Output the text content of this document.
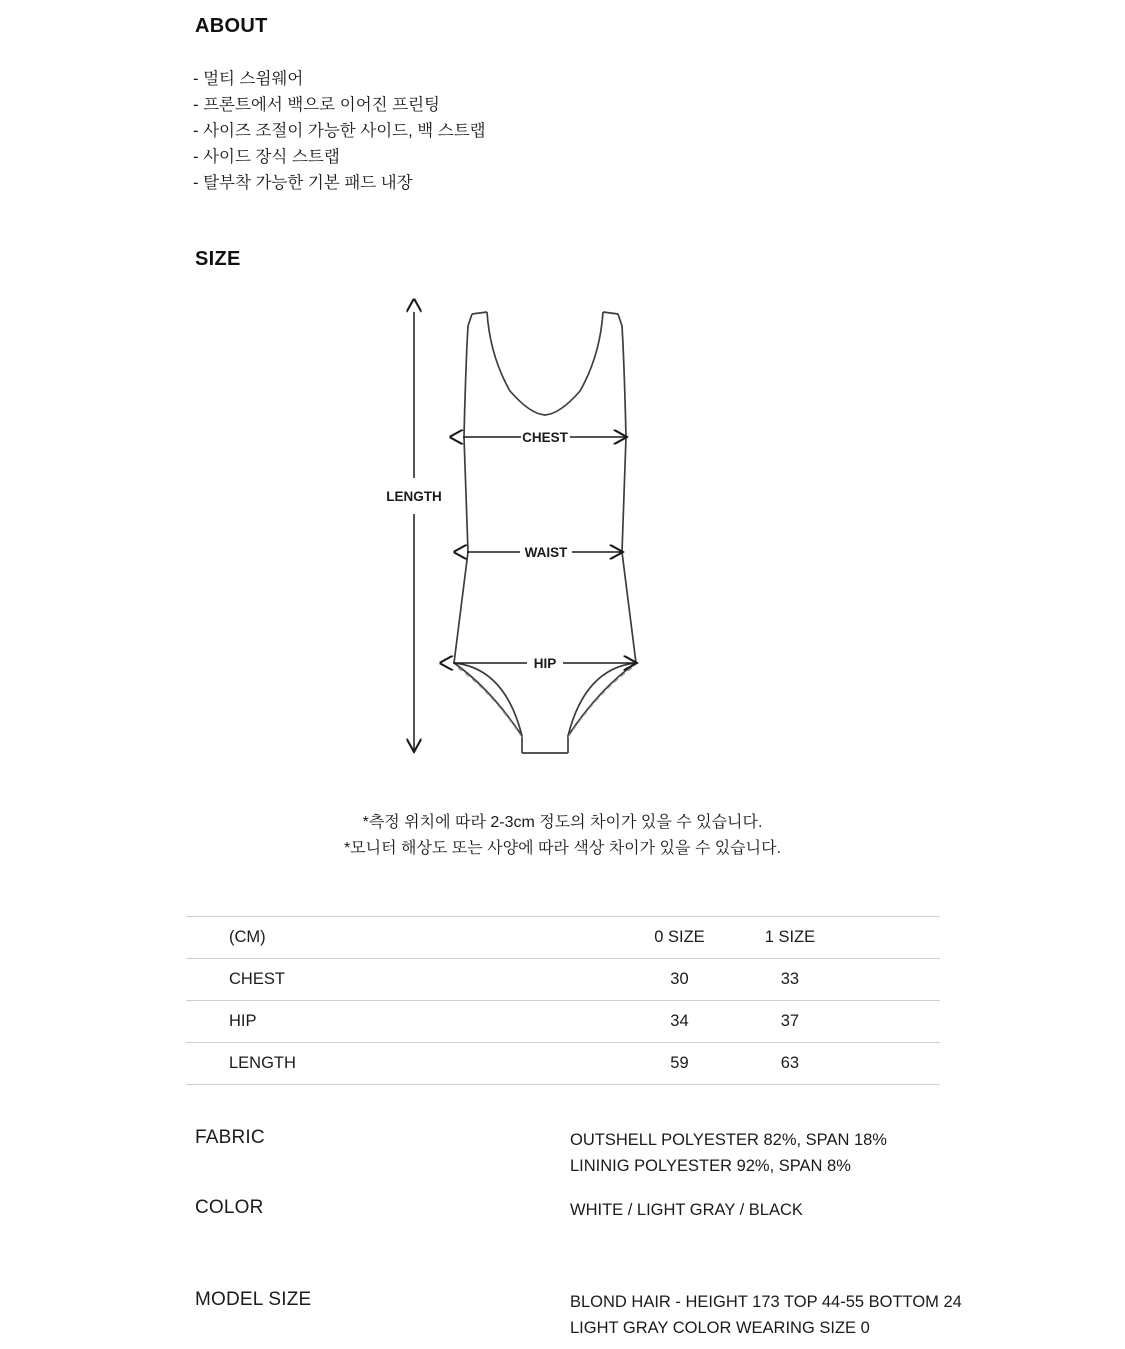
ABOUT
- 멀티 스윔웨어
- 프론트에서 백으로 이어진 프린팅
- 사이즈 조절이 가능한 사이드, 백 스트랩
- 사이드 장식 스트랩
- 탈부착 가능한 기본 패드 내장
SIZE
LENGTH
CHEST
WAIST
HIP
*측정 위치에 따라 2-3cm 정도의 차이가 있을 수 있습니다.
*모니터 해상도 또는 사양에 따라 색상 차이가 있을 수 있습니다.
(CM)	0 SIZE	1 SIZE	
CHEST	30	33	
HIP	34	37	
LENGTH	59	63	
FABRIC	OUTSHELL POLYESTER 82%, SPAN 18%
LININIG POLYESTER 92%, SPAN 8%
COLOR	WHITE / LIGHT GRAY / BLACK
MODEL SIZE	BLOND HAIR - HEIGHT 173 TOP 44-55 BOTTOM 24
LIGHT GRAY COLOR WEARING SIZE 0
